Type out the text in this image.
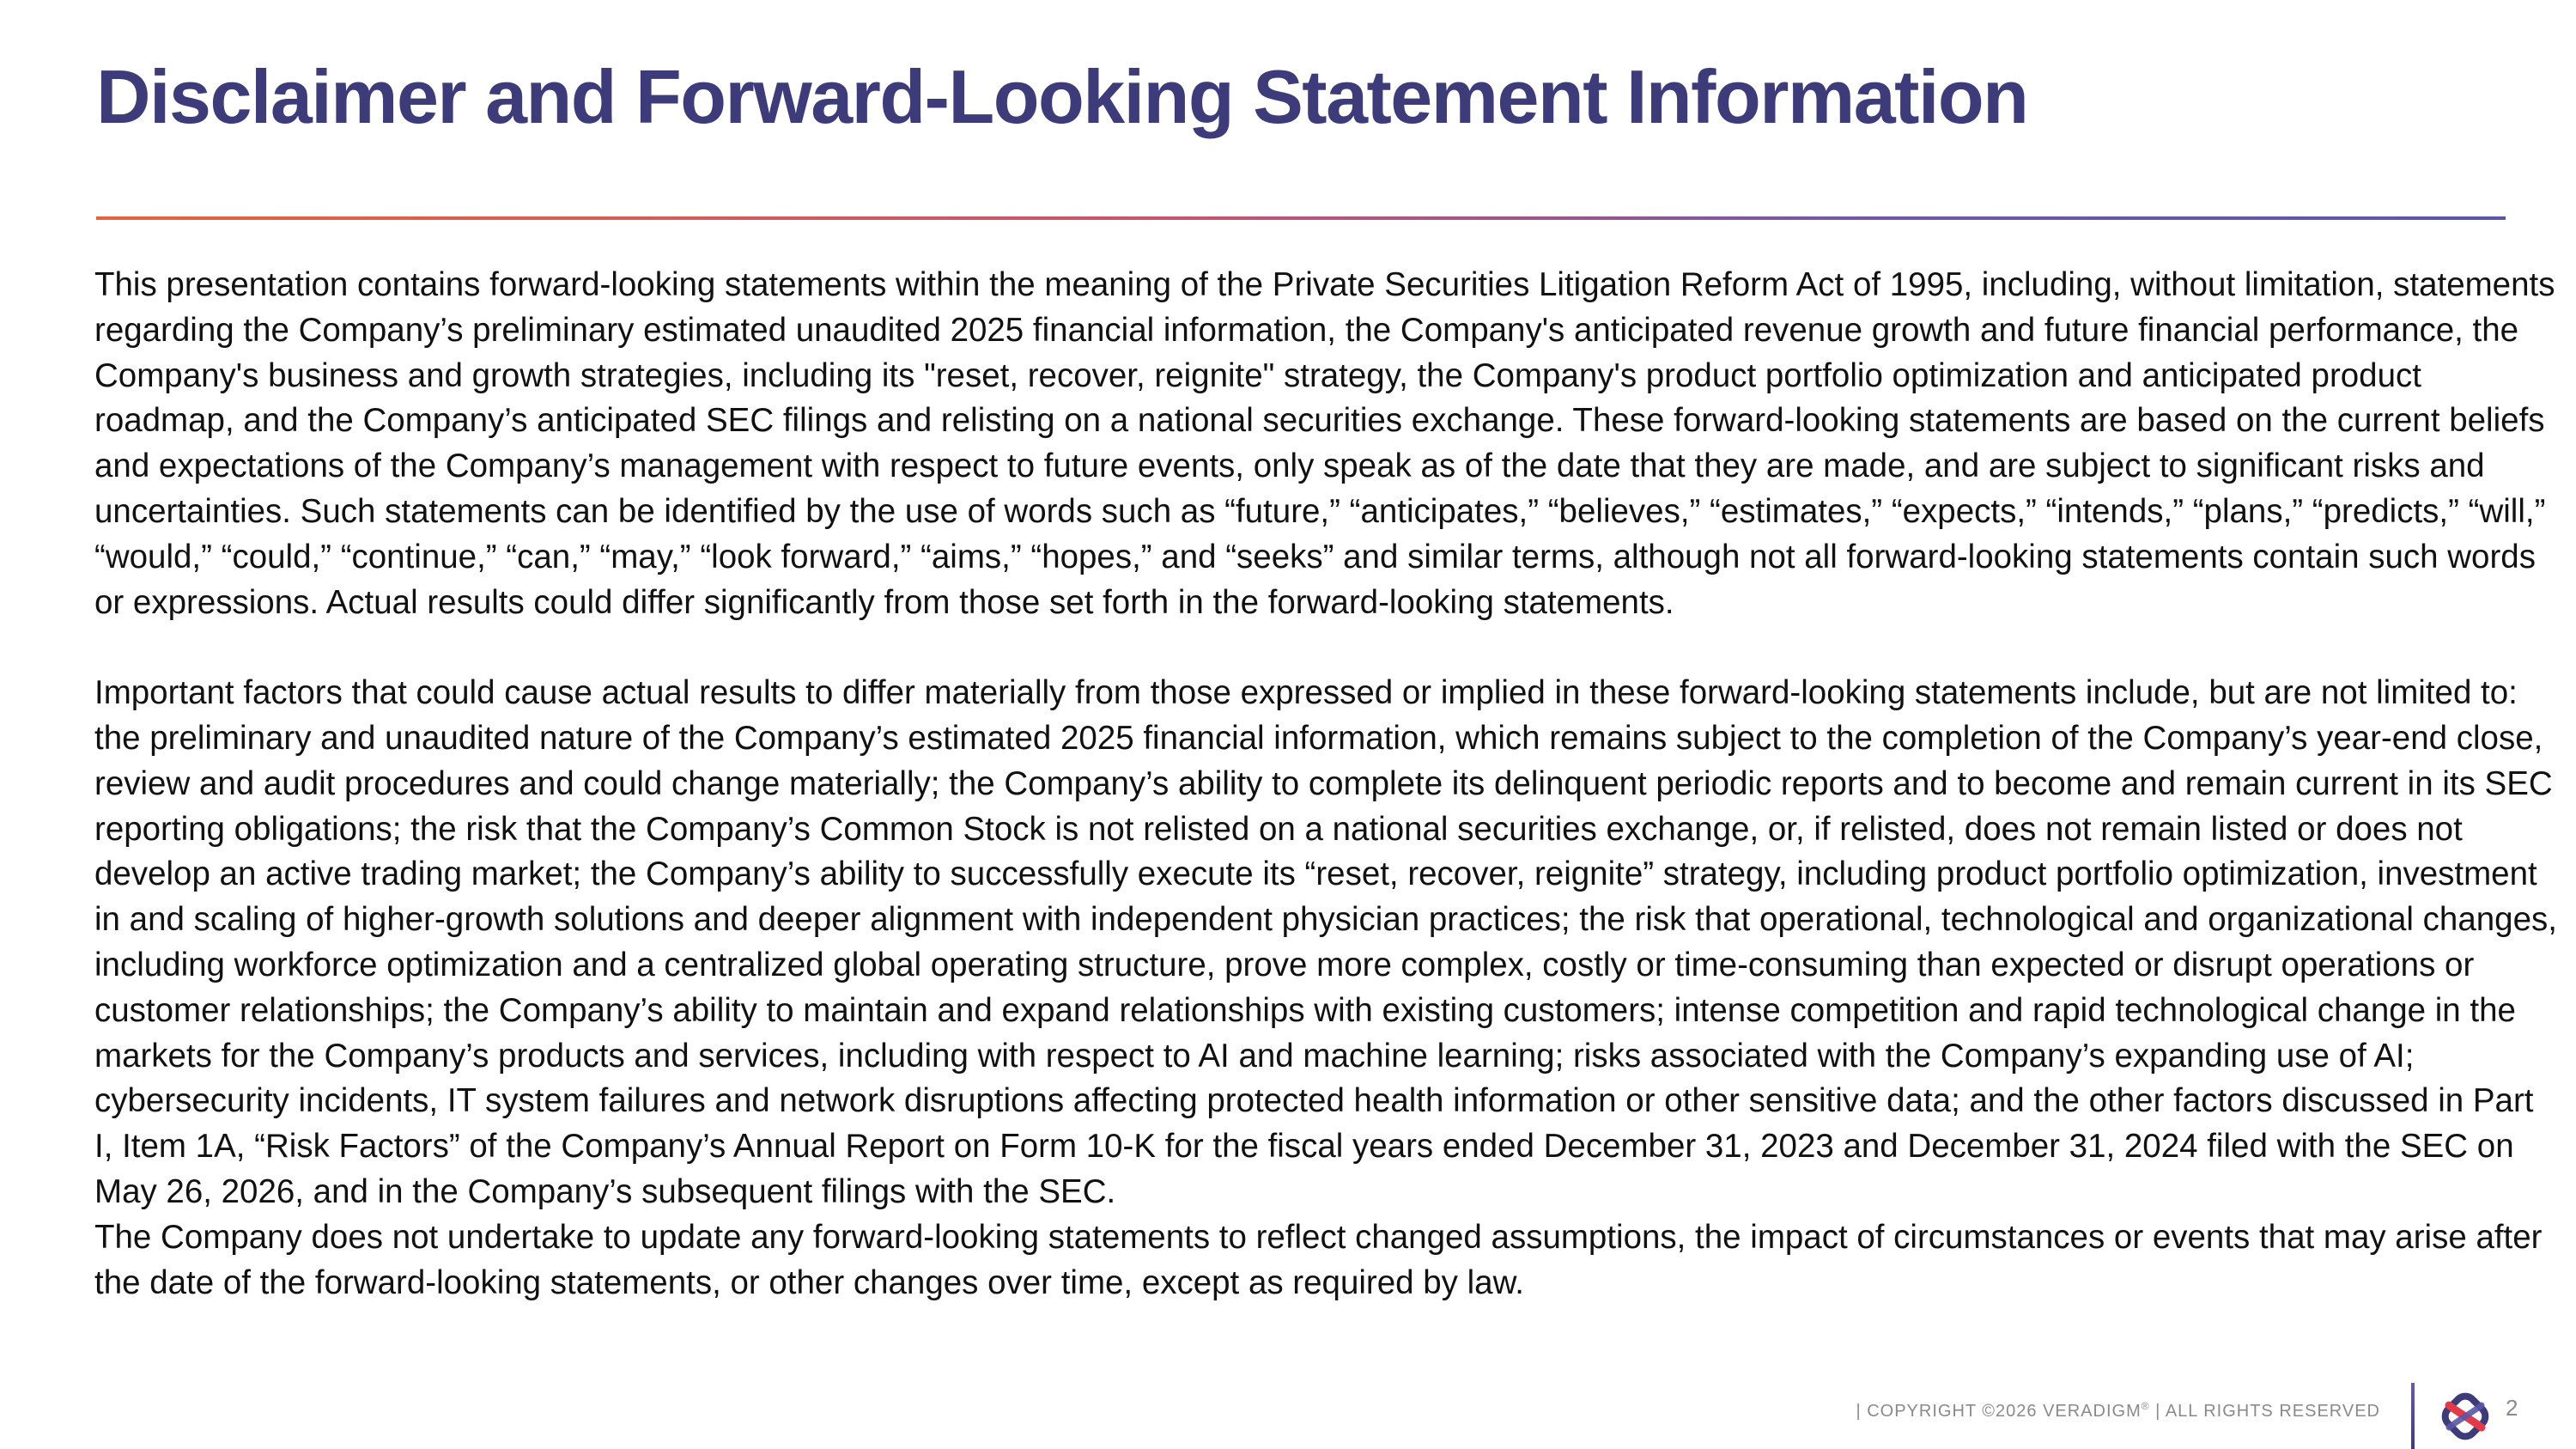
Disclaimer and Forward-Looking Statement Information

This presentation contains forward-looking statements within the meaning of the Private Securities Litigation Reform Act of 1995, including, without limitation, statements regarding the Company’s preliminary estimated unaudited 2025 financial information, the Company's anticipated revenue growth and future financial performance, the Company's business and growth strategies, including its "reset, recover, reignite" strategy, the Company's product portfolio optimization and anticipated product roadmap, and the Company’s anticipated SEC filings and relisting on a national securities exchange. These forward-looking statements are based on the current beliefs and expectations of the Company’s management with respect to future events, only speak as of the date that they are made, and are subject to significant risks and uncertainties. Such statements can be identified by the use of words such as “future,” “anticipates,” “believes,” “estimates,” “expects,” “intends,” “plans,” “predicts,” “will,” “would,” “could,” “continue,” “can,” “may,” “look forward,” “aims,” “hopes,” and “seeks” and similar terms, although not all forward-looking statements contain such words or expressions. Actual results could differ significantly from those set forth in the forward-looking statements.

Important factors that could cause actual results to differ materially from those expressed or implied in these forward-looking statements include, but are not limited to: the preliminary and unaudited nature of the Company’s estimated 2025 financial information, which remains subject to the completion of the Company’s year-end close, review and audit procedures and could change materially; the Company’s ability to complete its delinquent periodic reports and to become and remain current in its SEC reporting obligations; the risk that the Company’s Common Stock is not relisted on a national securities exchange, or, if relisted, does not remain listed or does not develop an active trading market; the Company’s ability to successfully execute its “reset, recover, reignite” strategy, including product portfolio optimization, investment in and scaling of higher-growth solutions and deeper alignment with independent physician practices; the risk that operational, technological and organizational changes, including workforce optimization and a centralized global operating structure, prove more complex, costly or time-consuming than expected or disrupt operations or customer relationships; the Company’s ability to maintain and expand relationships with existing customers; intense competition and rapid technological change in the markets for the Company’s products and services, including with respect to AI and machine learning; risks associated with the Company’s expanding use of AI; cybersecurity incidents, IT system failures and network disruptions affecting protected health information or other sensitive data; and the other factors discussed in Part I, Item 1A, “Risk Factors” of the Company’s Annual Report on Form 10-K for the fiscal years ended December 31, 2023 and December 31, 2024 filed with the SEC on May 26, 2026, and in the Company’s subsequent filings with the SEC.

The Company does not undertake to update any forward-looking statements to reflect changed assumptions, the impact of circumstances or events that may arise after the date of the forward-looking statements, or other changes over time, except as required by law.

| COPYRIGHT ©2026 VERADIGM® | ALL RIGHTS RESERVED	2
